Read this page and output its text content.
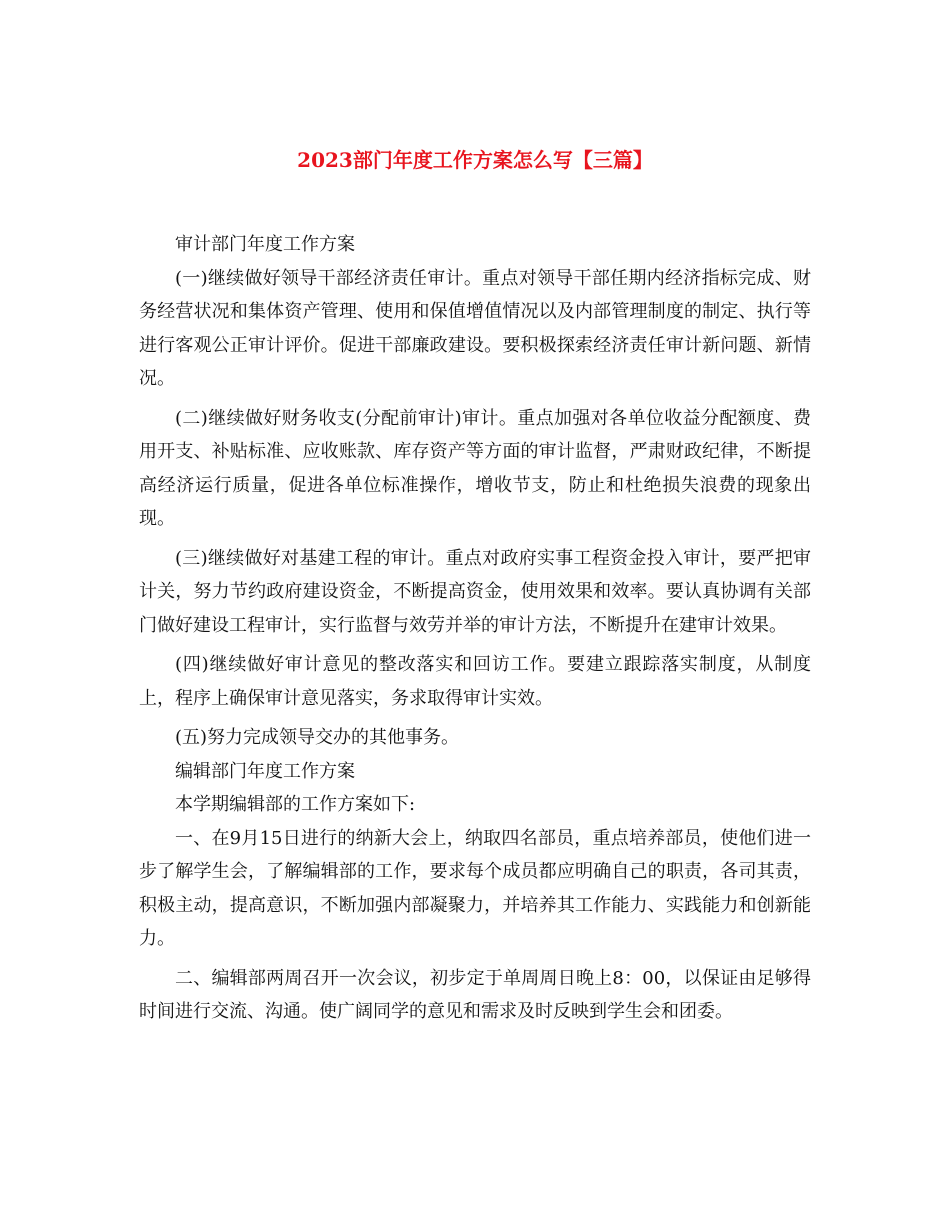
2023部门年度工作方案怎么写【三篇】

审计部门年度工作方案

(一)继续做好领导干部经济责任审计。重点对领导干部任期内经济指标完成、财务经营状况和集体资产管理、使用和保值增值情况以及内部管理制度的制定、执行等进行客观公正审计评价。促进干部廉政建设。要积极探索经济责任审计新问题、新情况。

(二)继续做好财务收支(分配前审计)审计。重点加强对各单位收益分配额度、费用开支、补贴标准、应收账款、库存资产等方面的审计监督，严肃财政纪律，不断提高经济运行质量，促进各单位标准操作，增收节支，防止和杜绝损失浪费的现象出现。

(三)继续做好对基建工程的审计。重点对政府实事工程资金投入审计，要严把审计关，努力节约政府建设资金，不断提高资金，使用效果和效率。要认真协调有关部门做好建设工程审计，实行监督与效劳并举的审计方法，不断提升在建审计效果。

(四)继续做好审计意见的整改落实和回访工作。要建立跟踪落实制度，从制度上，程序上确保审计意见落实，务求取得审计实效。

(五)努力完成领导交办的其他事务。

编辑部门年度工作方案

本学期编辑部的工作方案如下:

一、在9月15日进行的纳新大会上，纳取四名部员，重点培养部员，使他们进一步了解学生会，了解编辑部的工作，要求每个成员都应明确自己的职责，各司其责，积极主动，提高意识，不断加强内部凝聚力，并培养其工作能力、实践能力和创新能力。

二、编辑部两周召开一次会议，初步定于单周周日晚上8：00，以保证由足够得时间进行交流、沟通。使广阔同学的意见和需求及时反映到学生会和团委。
